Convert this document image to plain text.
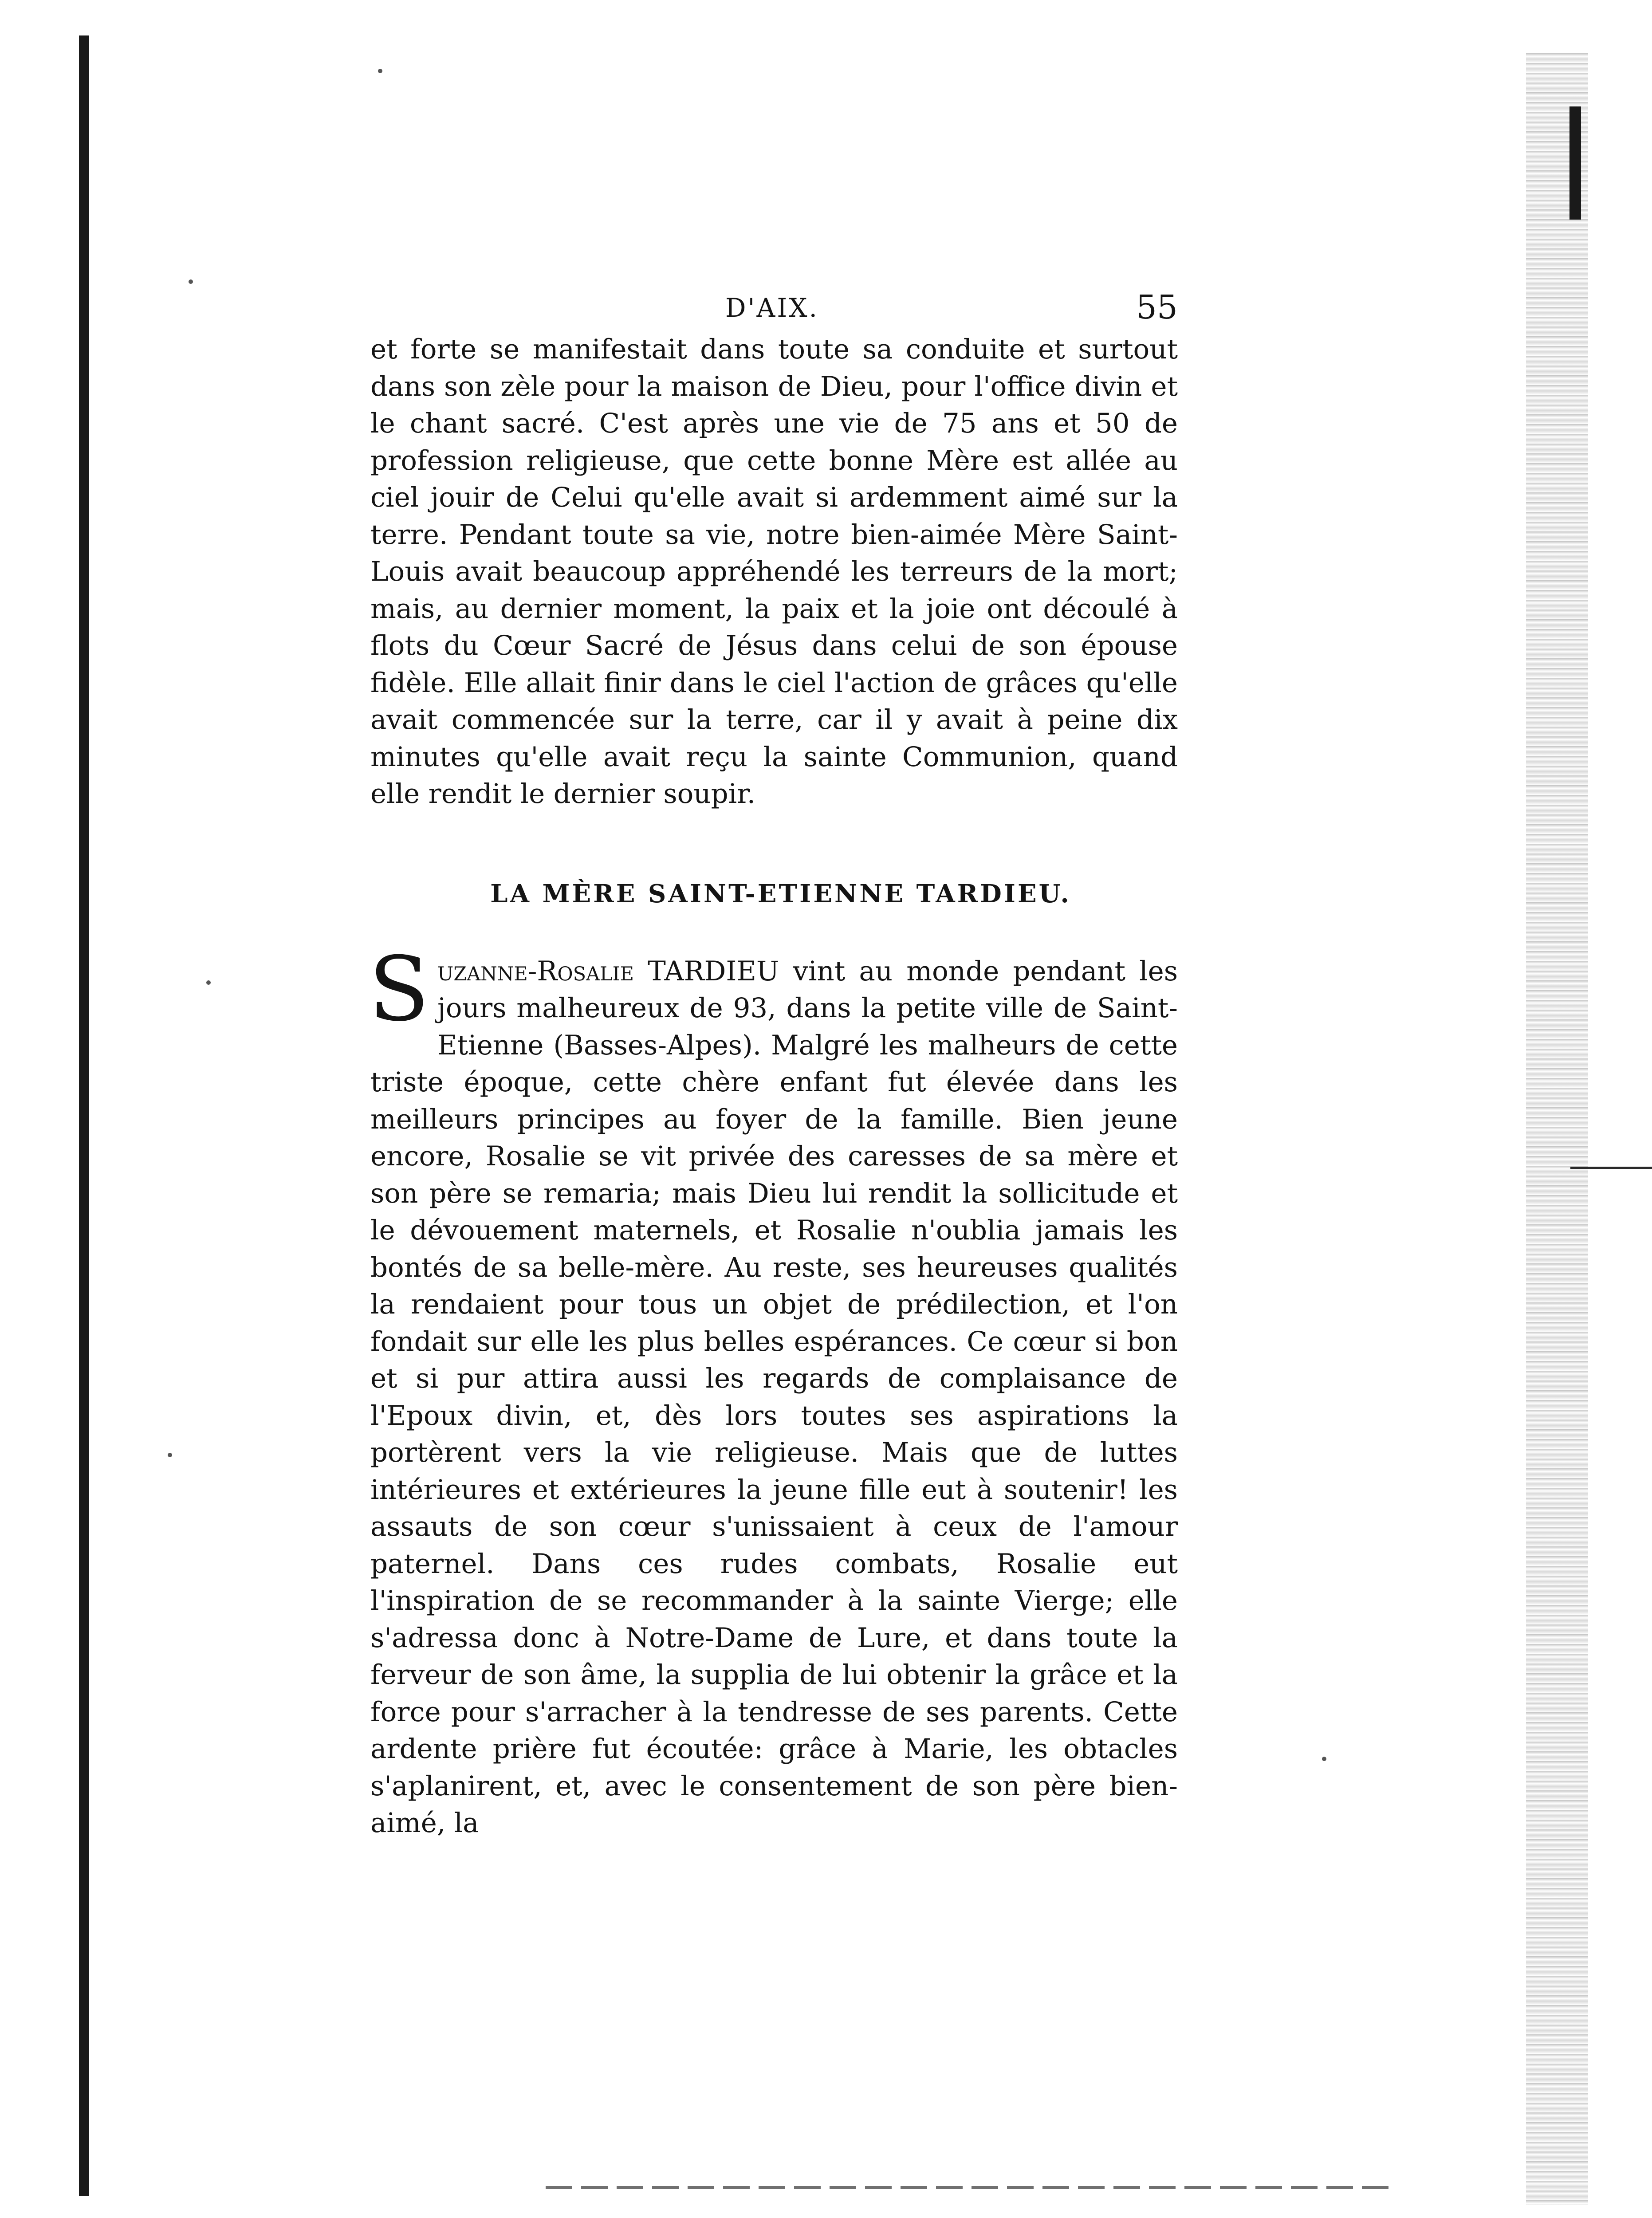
D'AIX.	55

et forte se manifestait dans toute sa conduite et surtout dans son zèle pour la maison de Dieu, pour l'office divin et le chant sacré. C'est après une vie de 75 ans et 50 de profession religieuse, que cette bonne Mère est allée au ciel jouir de Celui qu'elle avait si ardemment aimé sur la terre. Pendant toute sa vie, notre bien-aimée Mère Saint-Louis avait beaucoup appréhendé les terreurs de la mort; mais, au dernier moment, la paix et la joie ont découlé à flots du Cœur Sacré de Jésus dans celui de son épouse fidèle. Elle allait finir dans le ciel l'action de grâces qu'elle avait commencée sur la terre, car il y avait à peine dix minutes qu'elle avait reçu la sainte Communion, quand elle rendit le dernier soupir.

LA MÈRE SAINT-ETIENNE TARDIEU.

Suzanne-Rosalie TARDIEU vint au monde pendant les jours malheureux de 93, dans la petite ville de Saint-Etienne (Basses-Alpes). Malgré les malheurs de cette triste époque, cette chère enfant fut élevée dans les meilleurs principes au foyer de la famille. Bien jeune encore, Rosalie se vit privée des caresses de sa mère et son père se remaria; mais Dieu lui rendit la sollicitude et le dévouement maternels, et Rosalie n'oublia jamais les bontés de sa belle-mère. Au reste, ses heureuses qualités la rendaient pour tous un objet de prédilection, et l'on fondait sur elle les plus belles espérances. Ce cœur si bon et si pur attira aussi les regards de complaisance de l'Epoux divin, et, dès lors toutes ses aspirations la portèrent vers la vie religieuse. Mais que de luttes intérieures et extérieures la jeune fille eut à soutenir! les assauts de son cœur s'unissaient à ceux de l'amour paternel. Dans ces rudes combats, Rosalie eut l'inspiration de se recommander à la sainte Vierge; elle s'adressa donc à Notre-Dame de Lure, et dans toute la ferveur de son âme, la supplia de lui obtenir la grâce et la force pour s'arracher à la tendresse de ses parents. Cette ardente prière fut écoutée: grâce à Marie, les obtacles s'aplanirent, et, avec le consentement de son père bien-aimé, la
